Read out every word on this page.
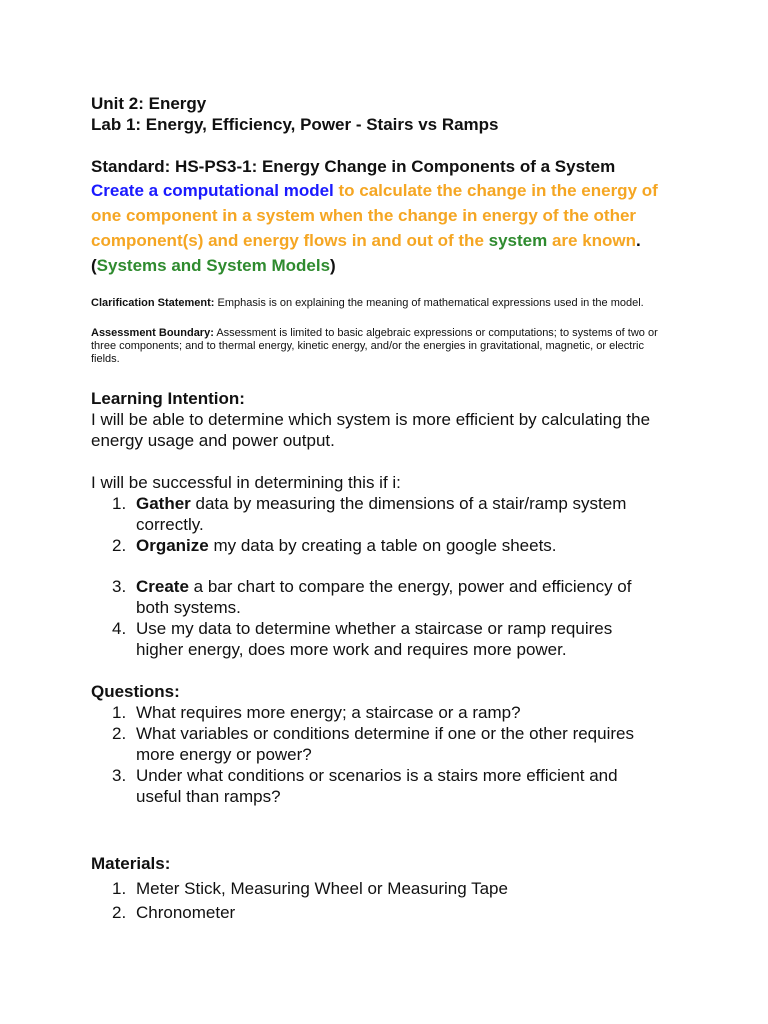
Unit 2: Energy
Lab 1: Energy, Efficiency, Power - Stairs vs Ramps
Standard: HS-PS3-1: Energy Change in Components of a System
Create a computational model to calculate the change in the energy of
one component in a system when the change in energy of the other
component(s) and energy flows in and out of the system are known.
(Systems and System Models)
Clarification Statement: Emphasis is on explaining the meaning of mathematical expressions used in the model.
Assessment Boundary: Assessment is limited to basic algebraic expressions or computations; to systems of two or
three components; and to thermal energy, kinetic energy, and/or the energies in gravitational, magnetic, or electric
fields.
Learning Intention:
I will be able to determine which system is more efficient by calculating the
energy usage and power output.
I will be successful in determining this if i:
1. Gather data by measuring the dimensions of a stair/ramp system
correctly.
2. Organize my data by creating a table on google sheets.
3. Create a bar chart to compare the energy, power and efficiency of
both systems.
4. Use my data to determine whether a staircase or ramp requires
higher energy, does more work and requires more power.
Questions:
1. What requires more energy; a staircase or a ramp?
2. What variables or conditions determine if one or the other requires
more energy or power?
3. Under what conditions or scenarios is a stairs more efficient and
useful than ramps?
Materials:
1. Meter Stick, Measuring Wheel or Measuring Tape
2. Chronometer
